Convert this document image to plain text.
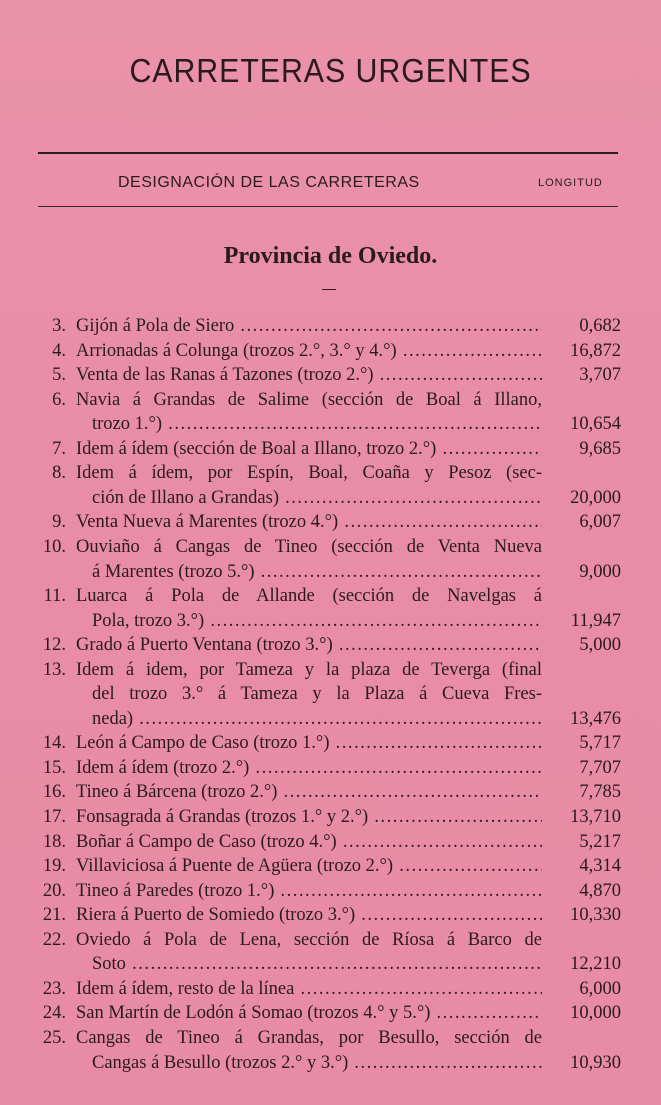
CARRETERAS URGENTES
DESIGNACIÓN DE LAS CARRETERAS	LONGITUD
Provincia de Oviedo.
3. Gijón á Pola de Siero .....	0,682
4. Arrionadas á Colunga (trozos 2.°, 3.° y 4.°) .....	16,872
5. Venta de las Ranas á Tazones (trozo 2.°) .....	3,707
6. Navia á Grandas de Salime (sección de Boal á Illano,
trozo 1.°) .....	10,654
7. Idem á ídem (sección de Boal a Illano, trozo 2.°) .....	9,685
8. Idem á ídem, por Espín, Boal, Coaña y Pesoz (sec-
ción de Illano a Grandas) .....	20,000
9. Venta Nueva á Marentes (trozo 4.°) .....	6,007
10. Ouviaño á Cangas de Tineo (sección de Venta Nueva
á Marentes (trozo 5.°) .....	9,000
11. Luarca á Pola de Allande (sección de Navelgas á
Pola, trozo 3.°) .....	11,947
12. Grado á Puerto Ventana (trozo 3.°) .....	5,000
13. Idem á idem, por Tameza y la plaza de Teverga (final
del trozo 3.° á Tameza y la Plaza á Cueva Fres-
neda) .....	13,476
14. León á Campo de Caso (trozo 1.°) .....	5,717
15. Idem á ídem (trozo 2.°) .....	7,707
16. Tineo á Bárcena (trozo 2.°) .....	7,785
17. Fonsagrada á Grandas (trozos 1.° y 2.°) .....	13,710
18. Boñar á Campo de Caso (trozo 4.°) .....	5,217
19. Villaviciosa á Puente de Agüera (trozo 2.°) .....	4,314
20. Tineo á Paredes (trozo 1.°) .....	4,870
21. Riera á Puerto de Somiedo (trozo 3.°) .....	10,330
22. Oviedo á Pola de Lena, sección de Ríosa á Barco de
Soto .....	12,210
23. Idem á ídem, resto de la línea .....	6,000
24. San Martín de Lodón á Somao (trozos 4.° y 5.°) .....	10,000
25. Cangas de Tineo á Grandas, por Besullo, sección de
Cangas á Besullo (trozos 2.° y 3.°) .....	10,930
